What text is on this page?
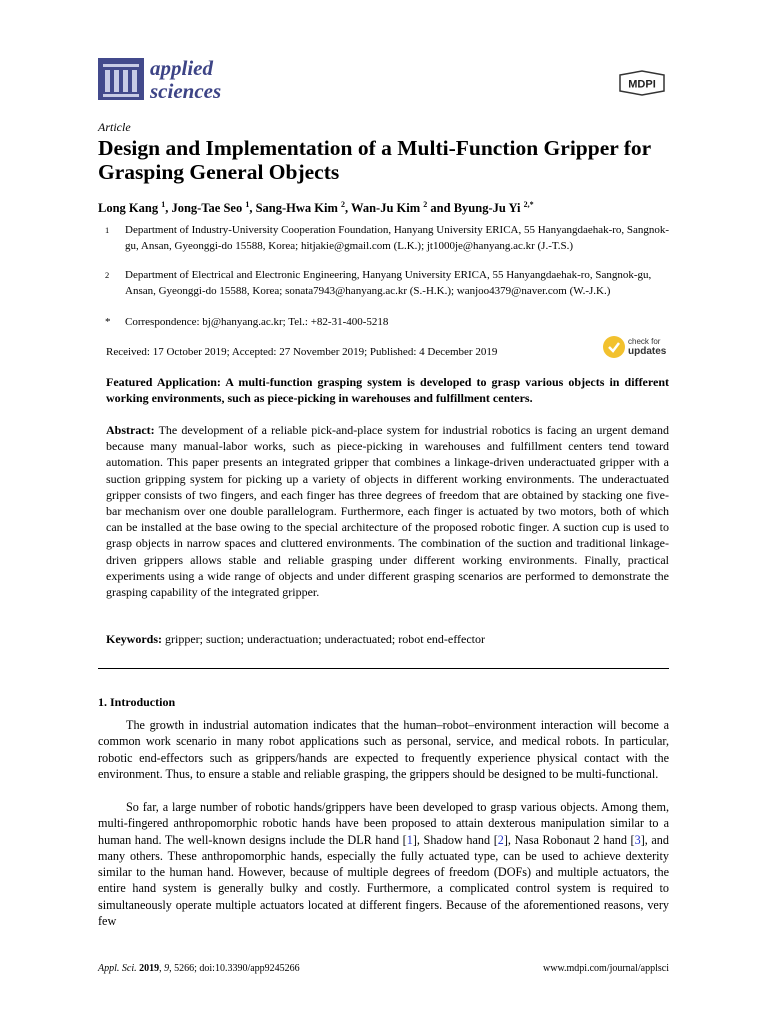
applied
sciences	MDPI
Article
Design and Implementation of a Multi-Function Gripper for Grasping General Objects
Long Kang $^1$, Jong-Tae Seo $^1$, Sang-Hwa Kim $^2$, Wan-Ju Kim $^2$ and Byung-Ju Yi $^{2,*}$
1 Department of Industry-University Cooperation Foundation, Hanyang University ERICA, 55 Hanyangdaehak-ro, Sangnok-gu, Ansan, Gyeonggi-do 15588, Korea; hitjakie@gmail.com (L.K.); jt1000je@hanyang.ac.kr (J.-T.S.)
2 Department of Electrical and Electronic Engineering, Hanyang University ERICA, 55 Hanyangdaehak-ro, Sangnok-gu, Ansan, Gyeonggi-do 15588, Korea; sonata7943@hanyang.ac.kr (S.-H.K.); wanjoo4379@naver.com (W.-J.K.)
* Correspondence: bj@hanyang.ac.kr; Tel.: +82-31-400-5218
Received: 17 October 2019; Accepted: 27 November 2019; Published: 4 December 2019
check for
updates
Featured Application: A multi-function grasping system is developed to grasp various objects in different working environments, such as piece-picking in warehouses and fulfillment centers.
Abstract: The development of a reliable pick-and-place system for industrial robotics is facing an urgent demand because many manual-labor works, such as piece-picking in warehouses and fulfillment centers tend toward automation. This paper presents an integrated gripper that combines a linkage-driven underactuated gripper with a suction gripping system for picking up a variety of objects in different working environments. The underactuated gripper consists of two fingers, and each finger has three degrees of freedom that are obtained by stacking one five-bar mechanism over one double parallelogram. Furthermore, each finger is actuated by two motors, both of which can be installed at the base owing to the special architecture of the proposed robotic finger. A suction cup is used to grasp objects in narrow spaces and cluttered environments. The combination of the suction and traditional linkage-driven grippers allows stable and reliable grasping under different working environments. Finally, practical experiments using a wide range of objects and under different grasping scenarios are performed to demonstrate the grasping capability of the integrated gripper.
Keywords: gripper; suction; underactuation; underactuated; robot end-effector
1. Introduction
The growth in industrial automation indicates that the human–robot–environment interaction will become a common work scenario in many robot applications such as personal, service, and medical robots. In particular, robotic end-effectors such as grippers/hands are expected to frequently experience physical contact with the environment. Thus, to ensure a stable and reliable grasping, the grippers should be designed to be multi-functional.
So far, a large number of robotic hands/grippers have been developed to grasp various objects. Among them, multi-fingered anthropomorphic robotic hands have been proposed to attain dexterous manipulation similar to a human hand. The well-known designs include the DLR hand [1], Shadow hand [2], Nasa Robonaut 2 hand [3], and many others. These anthropomorphic hands, especially the fully actuated type, can be used to achieve dexterity similar to the human hand. However, because of multiple degrees of freedom (DOFs) and multiple actuators, the entire hand system is generally bulky and costly. Furthermore, a complicated control system is required to simultaneously operate multiple actuators located at different fingers. Because of the aforementioned reasons, very few
Appl. Sci. 2019, 9, 5266; doi:10.3390/app9245266	www.mdpi.com/journal/applsci
